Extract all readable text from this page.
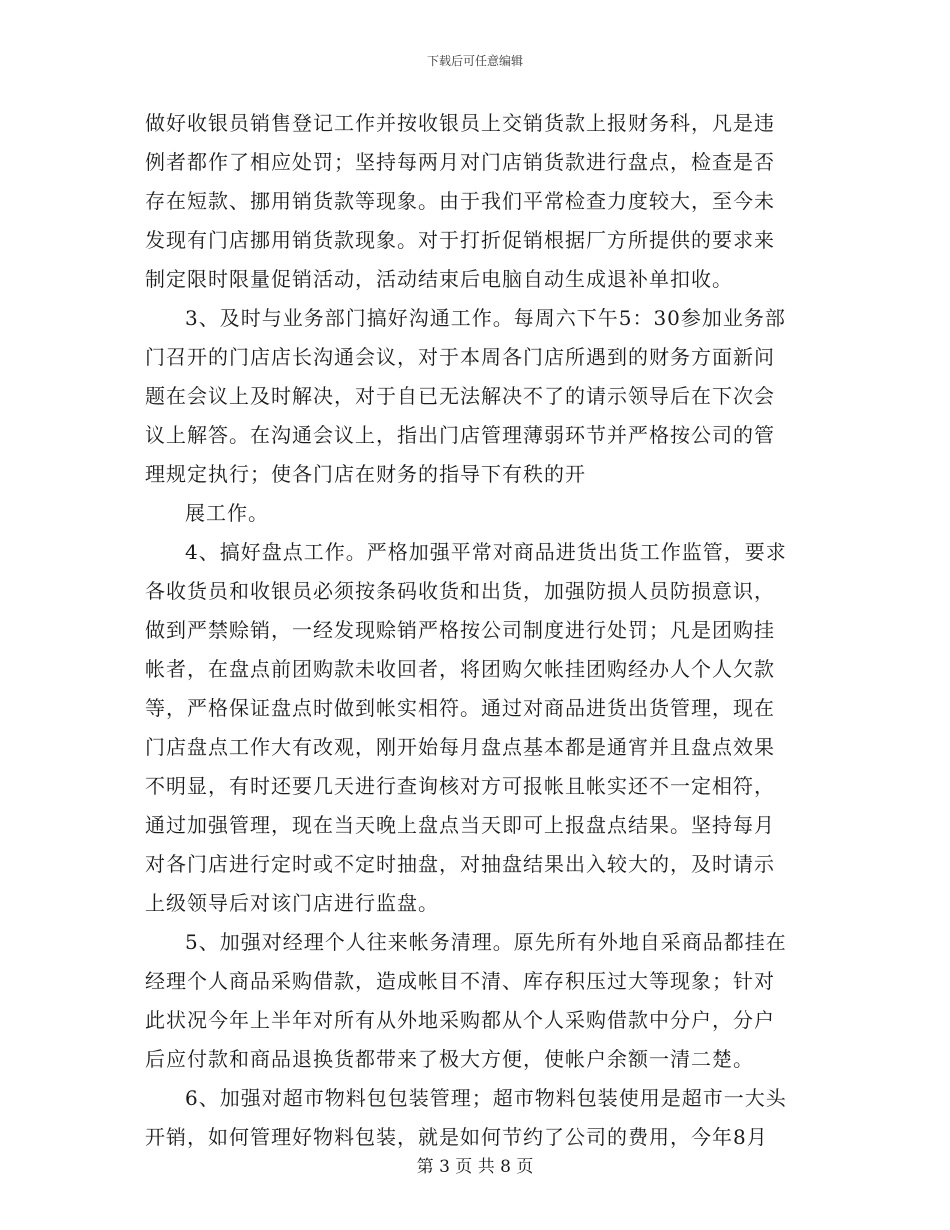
下载后可任意编辑
做好收银员销售登记工作并按收银员上交销货款上报财务科，凡是违
例者都作了相应处罚；坚持每两月对门店销货款进行盘点，检查是否
存在短款、挪用销货款等现象。由于我们平常检查力度较大，至今未
发现有门店挪用销货款现象。对于打折促销根据厂方所提供的要求来
制定限时限量促销活动，活动结束后电脑自动生成退补单扣收。
3、及时与业务部门搞好沟通工作。每周六下午5：30参加业务部
门召开的门店店长沟通会议，对于本周各门店所遇到的财务方面新问
题在会议上及时解决，对于自已无法解决不了的请示领导后在下次会
议上解答。在沟通会议上，指出门店管理薄弱环节并严格按公司的管
理规定执行；使各门店在财务的指导下有秩的开
展工作。
4、搞好盘点工作。严格加强平常对商品进货出货工作监管，要求
各收货员和收银员必须按条码收货和出货，加强防损人员防损意识，
做到严禁赊销，一经发现赊销严格按公司制度进行处罚；凡是团购挂
帐者，在盘点前团购款未收回者，将团购欠帐挂团购经办人个人欠款
等，严格保证盘点时做到帐实相符。通过对商品进货出货管理，现在
门店盘点工作大有改观，刚开始每月盘点基本都是通宵并且盘点效果
不明显，有时还要几天进行查询核对方可报帐且帐实还不一定相符，
通过加强管理，现在当天晚上盘点当天即可上报盘点结果。坚持每月
对各门店进行定时或不定时抽盘，对抽盘结果出入较大的，及时请示
上级领导后对该门店进行监盘。
5、加强对经理个人往来帐务清理。原先所有外地自采商品都挂在
经理个人商品采购借款，造成帐目不清、库存积压过大等现象；针对
此状况今年上半年对所有从外地采购都从个人采购借款中分户，分户
后应付款和商品退换货都带来了极大方便，使帐户余额一清二楚。
6、加强对超市物料包包装管理；超市物料包装使用是超市一大头
开销，如何管理好物料包装，就是如何节约了公司的费用，今年8月
第 3 页 共 8 页
